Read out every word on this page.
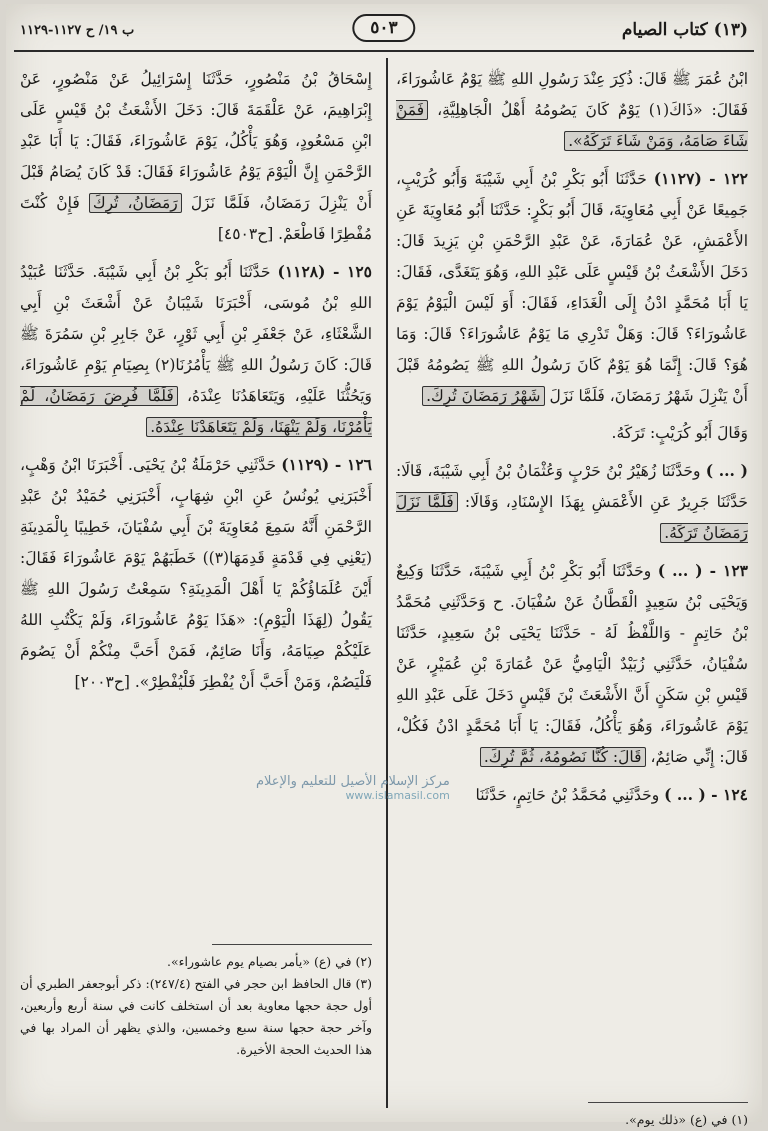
(١٣) كتاب الصيام
٥٠٣
ب ١٩/ ح ١١٢٧-١١٢٩

ابْنُ عُمَرَ ﷺ قَالَ: ذُكِرَ عِنْدَ رَسُولِ اللهِ ﷺ يَوْمُ عَاشُورَاءَ، فَقَالَ: «ذَاكَ(١) يَوْمٌ كَانَ يَصُومُهُ أَهْلُ الْجَاهِلِيَّةِ، فَمَنْ شَاءَ صَامَهُ، وَمَنْ شَاءَ تَرَكَهُ».

١٢٢ - (١١٢٧) حَدَّثَنَا أَبُو بَكْرِ بْنُ أَبِي شَيْبَةَ وَأَبُو كُرَيْبٍ، جَمِيعًا عَنْ أَبِي مُعَاوِيَةَ، قَالَ أَبُو بَكْرٍ: حَدَّثَنَا أَبُو مُعَاوِيَةَ عَنِ الأَعْمَشِ، عَنْ عُمَارَةَ، عَنْ عَبْدِ الرَّحْمَنِ بْنِ يَزِيدَ قَالَ: دَخَلَ الأَشْعَثُ بْنُ قَيْسٍ عَلَى عَبْدِ اللهِ، وَهُوَ يَتَغَدَّى، فَقَالَ: يَا أَبَا مُحَمَّدٍ ادْنُ إِلَى الْغَدَاءِ، فَقَالَ: أَوَ لَيْسَ الْيَوْمُ يَوْمَ عَاشُورَاءَ؟ قَالَ: وَهَلْ تَدْرِي مَا يَوْمُ عَاشُورَاءَ؟ قَالَ: وَمَا هُوَ؟ قَالَ: إِنَّمَا هُوَ يَوْمٌ كَانَ رَسُولُ اللهِ ﷺ يَصُومُهُ قَبْلَ أَنْ يَنْزِلَ شَهْرُ رَمَضَانَ، فَلَمَّا نَزَلَ شَهْرُ رَمَضَانَ تُرِكَ.

وَقَالَ أَبُو كُرَيْبٍ: تَرَكَهُ.

( ... ) وحَدَّثَنَا زُهَيْرُ بْنُ حَرْبٍ وَعُثْمَانُ بْنُ أَبِي شَيْبَةَ، قَالَا: حَدَّثَنَا جَرِيرٌ عَنِ الأَعْمَشِ بِهَذَا الإِسْنَادِ، وَقَالَا: فَلَمَّا نَزَلَ رَمَضَانُ تَرَكَهُ.

١٢٣ - ( ... ) وحَدَّثَنَا أَبُو بَكْرِ بْنُ أَبِي شَيْبَةَ، حَدَّثَنَا وَكِيعٌ وَيَحْيَى بْنُ سَعِيدٍ الْقَطَّانُ عَنْ سُفْيَانَ. ح وَحَدَّثَنِي مُحَمَّدُ بْنُ حَاتِمٍ - وَاللَّفْظُ لَهُ - حَدَّثَنَا يَحْيَى بْنُ سَعِيدٍ، حَدَّثَنَا سُفْيَانُ، حَدَّثَنِي زُبَيْدٌ الْيَامِيُّ عَنْ عُمَارَةَ بْنِ عُمَيْرٍ، عَنْ قَيْسِ بْنِ سَكَنٍ أَنَّ الأَشْعَثَ بْنَ قَيْسٍ دَخَلَ عَلَى عَبْدِ اللهِ يَوْمَ عَاشُورَاءَ، وَهُوَ يَأْكُلُ، فَقَالَ: يَا أَبَا مُحَمَّدٍ ادْنُ فَكُلْ، قَالَ: إِنِّي صَائِمٌ، قَالَ: كُنَّا نَصُومُهُ، ثُمَّ تُرِكَ.

١٢٤ - ( ... ) وحَدَّثَنِي مُحَمَّدُ بْنُ حَاتِمٍ، حَدَّثَنَا

(١) في (ع) «ذلك يوم».

إِسْحَاقُ بْنُ مَنْصُورٍ، حَدَّثَنَا إِسْرَائِيلُ عَنْ مَنْصُورٍ، عَنْ إِبْرَاهِيمَ، عَنْ عَلْقَمَةَ قَالَ: دَخَلَ الأَشْعَثُ بْنُ قَيْسٍ عَلَى ابْنِ مَسْعُودٍ، وَهُوَ يَأْكُلُ، يَوْمَ عَاشُورَاءَ، فَقَالَ: يَا أَبَا عَبْدِ الرَّحْمَنِ إِنَّ الْيَوْمَ يَوْمُ عَاشُورَاءَ فَقَالَ: قَدْ كَانَ يُصَامُ قَبْلَ أَنْ يَنْزِلَ رَمَضَانُ، فَلَمَّا نَزَلَ رَمَضَانُ، تُرِكَ فَإِنْ كُنْتَ مُفْطِرًا فَاطْعَمْ. [ح٤٥٠٣]

١٢٥ - (١١٢٨) حَدَّثَنَا أَبُو بَكْرِ بْنُ أَبِي شَيْبَةَ. حَدَّثَنَا عُبَيْدُ اللهِ بْنُ مُوسَى، أَخْبَرَنَا شَيْبَانُ عَنْ أَشْعَثَ بْنِ أَبِي الشَّعْثَاءِ، عَنْ جَعْفَرِ بْنِ أَبِي ثَوْرٍ، عَنْ جَابِرِ بْنِ سَمُرَةَ ﷺ قَالَ: كَانَ رَسُولُ اللهِ ﷺ يَأْمُرُنَا(٢) بِصِيَامِ يَوْمِ عَاشُورَاءَ، وَيَحُثُّنَا عَلَيْهِ، وَيَتَعَاهَدُنَا عِنْدَهُ، فَلَمَّا فُرِضَ رَمَضَانُ، لَمْ يَأْمُرْنَا، وَلَمْ يَنْهَنَا، وَلَمْ يَتَعَاهَدْنَا عِنْدَهُ.

١٢٦ - (١١٢٩) حَدَّثَنِي حَرْمَلَةُ بْنُ يَحْيَى. أَخْبَرَنَا ابْنُ وَهْبٍ، أَخْبَرَنِي يُونُسُ عَنِ ابْنِ شِهَابٍ، أَخْبَرَنِي حُمَيْدُ بْنُ عَبْدِ الرَّحْمَنِ أَنَّهُ سَمِعَ مُعَاوِيَةَ بْنَ أَبِي سُفْيَانَ، خَطِيبًا بِالْمَدِينَةِ (يَعْنِي فِي قَدْمَةٍ قَدِمَهَا(٣)) خَطَبَهُمْ يَوْمَ عَاشُورَاءَ فَقَالَ: أَيْنَ عُلَمَاؤُكُمْ يَا أَهْلَ الْمَدِينَةِ؟ سَمِعْتُ رَسُولَ اللهِ ﷺ يَقُولُ (لِهَذَا الْيَوْمِ): «هَذَا يَوْمُ عَاشُورَاءَ، وَلَمْ يَكْتُبِ اللهُ عَلَيْكُمْ صِيَامَهُ، وَأَنَا صَائِمٌ، فَمَنْ أَحَبَّ مِنْكُمْ أَنْ يَصُومَ فَلْيَصُمْ، وَمَنْ أَحَبَّ أَنْ يُفْطِرَ فَلْيُفْطِرْ». [ح٢٠٠٣]

(٢) في (ع) «يأمر بصيام يوم عاشوراء».
(٣) قال الحافظ ابن حجر في الفتح (٢٤٧/٤): ذكر أبوجعفر الطبري أن أول حجة حجها معاوية بعد أن استخلف كانت في سنة أربع وأربعين، وآخر حجة حجها سنة سبع وخمسين، والذي يظهر أن المراد بها في هذا الحديث الحجة الأخيرة.
مركز الإسلام الأصيل للتعليم والإعلام
www.islamasil.com
